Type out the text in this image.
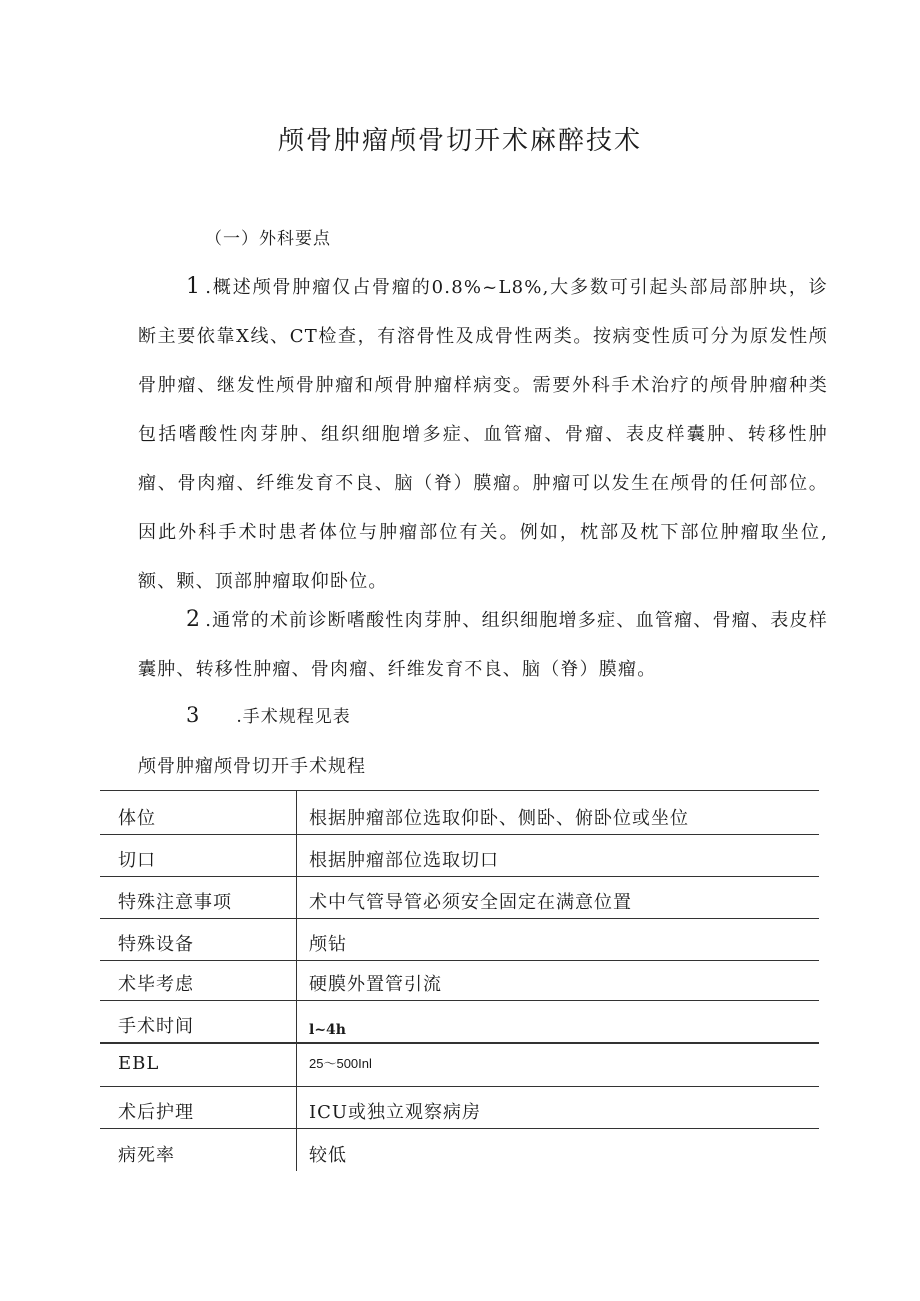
颅骨肿瘤颅骨切开术麻醉技术
（一）外科要点
1 .概述颅骨肿瘤仅占骨瘤的0.8%~L8%,大多数可引起头部局部肿块，诊断主要依靠X线、CT检查，有溶骨性及成骨性两类。按病变性质可分为原发性颅骨肿瘤、继发性颅骨肿瘤和颅骨肿瘤样病变。需要外科手术治疗的颅骨肿瘤种类包括嗜酸性肉芽肿、组织细胞增多症、血管瘤、骨瘤、表皮样囊肿、转移性肿瘤、骨肉瘤、纤维发育不良、脑（脊）膜瘤。肿瘤可以发生在颅骨的任何部位。因此外科手术时患者体位与肿瘤部位有关。例如，枕部及枕下部位肿瘤取坐位,额、颗、顶部肿瘤取仰卧位。
2 .通常的术前诊断嗜酸性肉芽肿、组织细胞增多症、血管瘤、骨瘤、表皮样囊肿、转移性肿瘤、骨肉瘤、纤维发育不良、脑（脊）膜瘤。
3 .手术规程见表
颅骨肿瘤颅骨切开手术规程
体位	根据肿瘤部位选取仰卧、侧卧、俯卧位或坐位
切口	根据肿瘤部位选取切口
特殊注意事项	术中气管导管必须安全固定在满意位置
特殊设备	颅钻
术毕考虑	硬膜外置管引流
手术时间	l~4h
EBL	25～500Inl
术后护理	ICU或独立观察病房
病死率	较低
